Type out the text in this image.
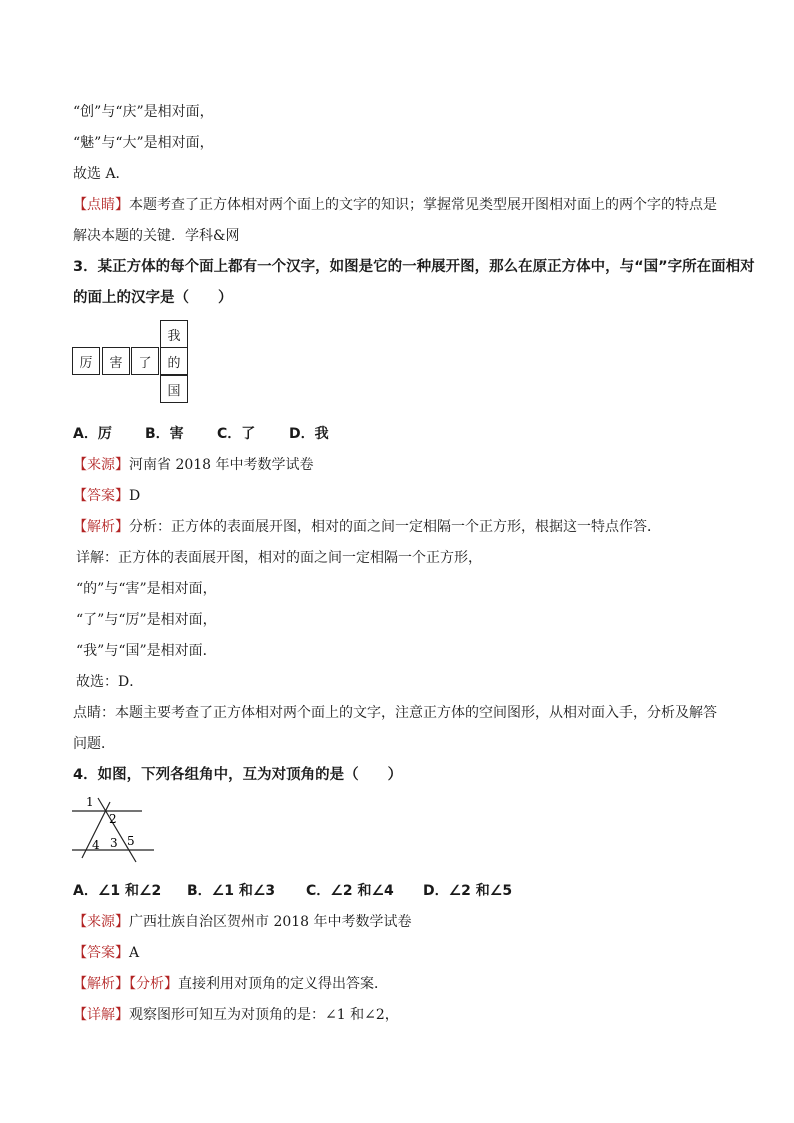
“创”与“庆”是相对面，
“魅”与“大”是相对面，
故选 A．
【点睛】本题考查了正方体相对两个面上的文字的知识；掌握常见类型展开图相对面上的两个字的特点是
解决本题的关键．学科&网
3．某正方体的每个面上都有一个汉字，如图是它的一种展开图，那么在原正方体中，与“国”字所在面相对
的面上的汉字是（　　）
我
厉	害	了	的
国
A．厉 B．害 C．了 D．我
【来源】河南省 2018 年中考数学试卷
【答案】D
【解析】分析：正方体的表面展开图，相对的面之间一定相隔一个正方形，根据这一特点作答．
详解：正方体的表面展开图，相对的面之间一定相隔一个正方形，
“的”与“害”是相对面，
“了”与“厉”是相对面，
“我”与“国”是相对面．
故选：D．
点睛：本题主要考查了正方体相对两个面上的文字，注意正方体的空间图形，从相对面入手，分析及解答
问题．
4．如图，下列各组角中，互为对顶角的是（　　）
1
2
3
4 5
A．∠1 和∠2 B．∠1 和∠3 C．∠2 和∠4 D．∠2 和∠5
【来源】广西壮族自治区贺州市 2018 年中考数学试卷
【答案】A
【解析】【分析】直接利用对顶角的定义得出答案．
【详解】观察图形可知互为对顶角的是：∠1 和∠2，
